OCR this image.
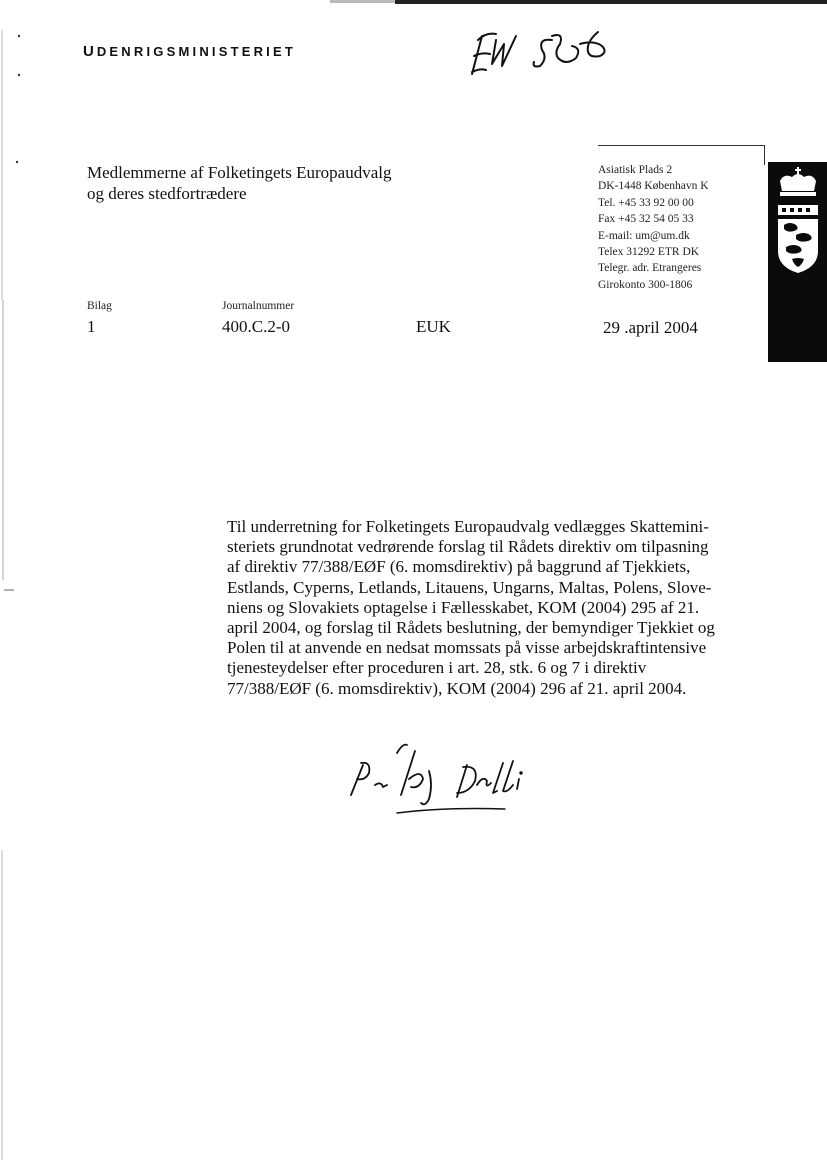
UDENRIGSMINISTERIET

Medlemmerne af Folketingets Europaudvalg
og deres stedfortrædere
Asiatisk Plads 2
DK-1448 København K
Tel. +45 33 92 00 00
Fax +45 32 54 05 33
E-mail: um@um.dk
Telex 31292 ETR DK
Telegr. adr. Etrangeres
Girokonto 300-1806
Bilag
1
Journalnummer
400.C.2-0	EUK	29 .april 2004

Til underretning for Folketingets Europaudvalg vedlægges Skattemini-
steriets grundnotat vedrørende forslag til Rådets direktiv om tilpasning
af direktiv 77/388/EØF (6. momsdirektiv) på baggrund af Tjekkiets,
Estlands, Cyperns, Letlands, Litauens, Ungarns, Maltas, Polens, Slove-
niens og Slovakiets optagelse i Fællesskabet, KOM (2004) 295 af 21.
april 2004, og forslag til Rådets beslutning, der bemyndiger Tjekkiet og
Polen til at anvende en nedsat momssats på visse arbejdskraftintensive
tjenesteydelser efter proceduren i art. 28, stk. 6 og 7 i direktiv
77/388/EØF (6. momsdirektiv), KOM (2004) 296 af 21. april 2004.
